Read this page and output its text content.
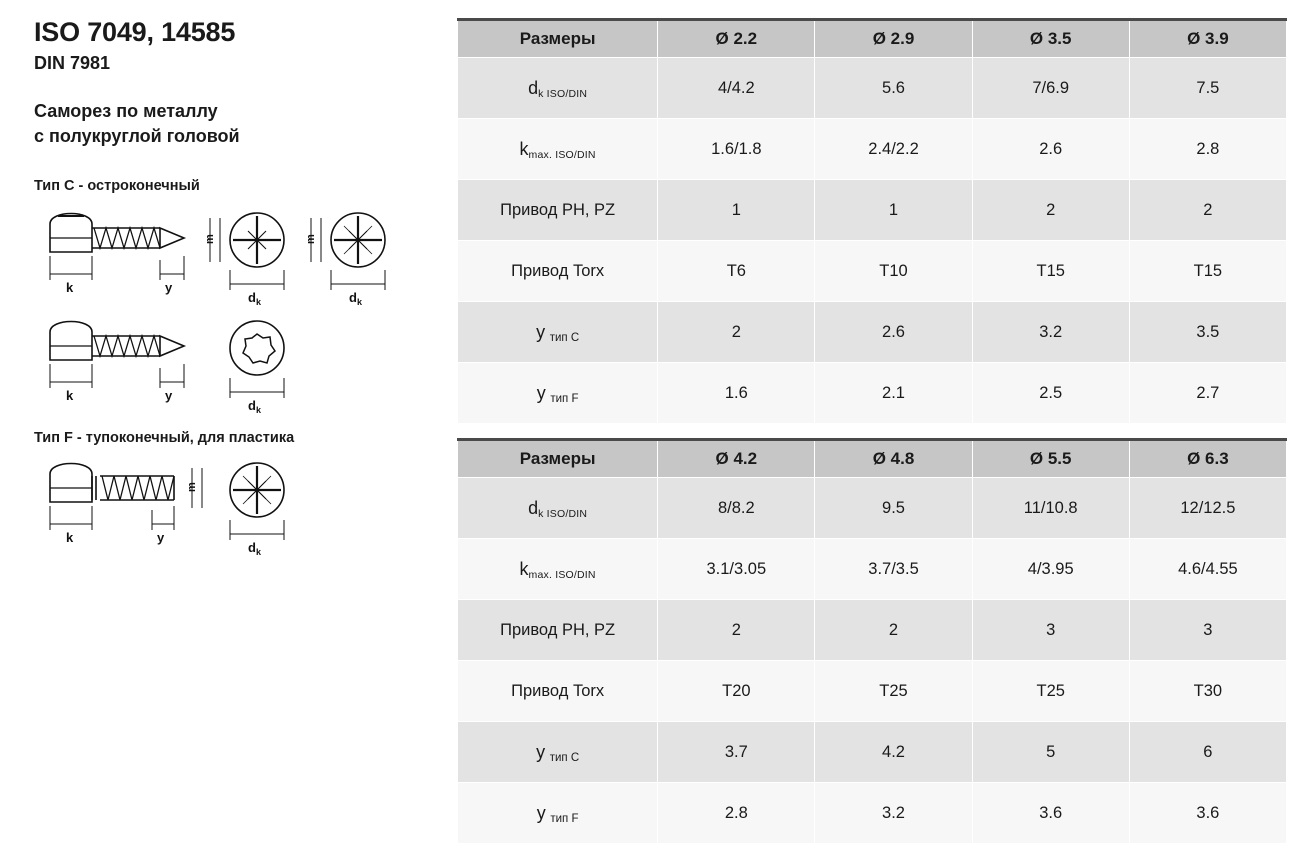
ISO 7049, 14585
DIN 7981
Саморез по металлу
с полукруглой головой
Тип C - остроконечный
k	y
m
$d_k$
m
$d_k$
k	y
$d_k$
Тип F - тупоконечный, для пластика
k	y
m
$d_k$
Размеры	Ø 2.2	Ø 2.9	Ø 3.5	Ø 3.9
dk ISO/DIN	4/4.2	5.6	7/6.9	7.5
kmax. ISO/DIN	1.6/1.8	2.4/2.2	2.6	2.8
Привод PH, PZ	1	1	2	2
Привод Torx	T6	T10	T15	T15
y тип C	2	2.6	3.2	3.5
y тип F	1.6	2.1	2.5	2.7
Размеры	Ø 4.2	Ø 4.8	Ø 5.5	Ø 6.3
dk ISO/DIN	8/8.2	9.5	11/10.8	12/12.5
kmax. ISO/DIN	3.1/3.05	3.7/3.5	4/3.95	4.6/4.55
Привод PH, PZ	2	2	3	3
Привод Torx	T20	T25	T25	T30
y тип C	3.7	4.2	5	6
y тип F	2.8	3.2	3.6	3.6
